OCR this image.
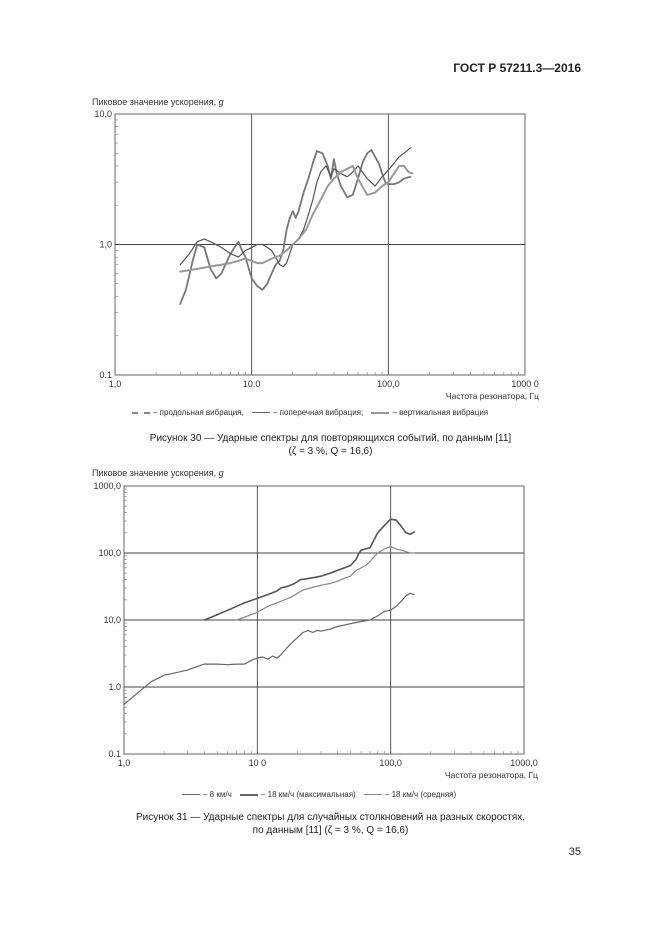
ГОСТ Р 57211.3—2016
Пиковое значение ускорения, g
1,0	10.0	100,0	1000 0
0.1
1,0
10,0
Частота резонатора, Гц
– продольная вибрация,	– поперечная вибрация;	– вертикальная вибрация
Рисунок 30 — Ударные спектры для повторяющихся событий, по данным [11]
(ζ = 3 %, Q = 16,6)
Пиковое значение ускорения, g
1,0	10 0	100,0	1000,0
0.1
1.0
10,0
100,0
1000,0
Частота резонатора, Гц
– 8 км/ч	– 18 км/ч (максимальная)	– 18 км/ч (средняя)
Рисунок 31 — Ударные спектры для случайных столкновений на разных скоростях,
по данным [11] (ζ = 3 %, Q = 16,6)
35
